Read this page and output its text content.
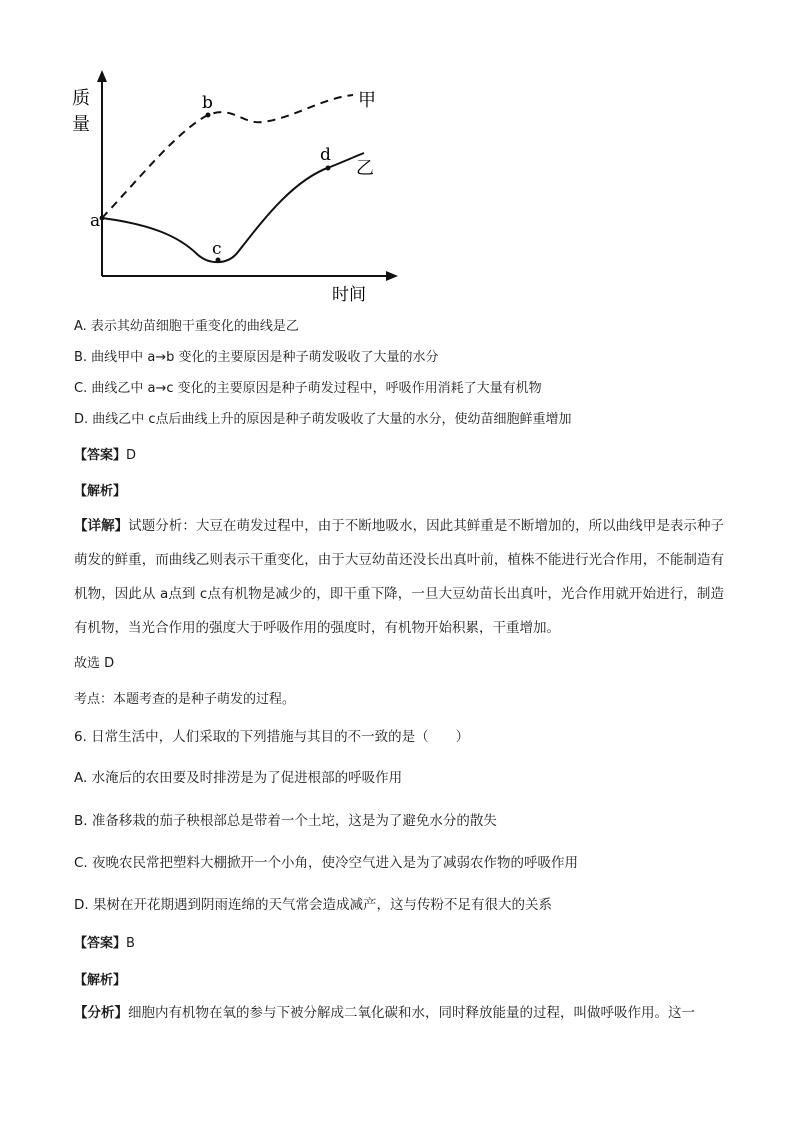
质
量
a
b
c
d
甲
乙
时间
A. 表示其幼苗细胞干重变化的曲线是乙
B. 曲线甲中 a→b 变化的主要原因是种子萌发吸收了大量的水分
C. 曲线乙中 a→c 变化的主要原因是种子萌发过程中，呼吸作用消耗了大量有机物
D. 曲线乙中 c点后曲线上升的原因是种子萌发吸收了大量的水分，使幼苗细胞鲜重增加
【答案】D
【解析】
【详解】试题分析：大豆在萌发过程中，由于不断地吸水，因此其鲜重是不断增加的，所以曲线甲是表示种子萌发的鲜重，而曲线乙则表示干重变化，由于大豆幼苗还没长出真叶前，植株不能进行光合作用，不能制造有机物，因此从 a点到 c点有机物是减少的，即干重下降，一旦大豆幼苗长出真叶，光合作用就开始进行，制造有机物，当光合作用的强度大于呼吸作用的强度时，有机物开始积累，干重增加。
故选 D
考点：本题考查的是种子萌发的过程。
6. 日常生活中，人们采取的下列措施与其目的不一致的是（　　）
A. 水淹后的农田要及时排涝是为了促进根部的呼吸作用
B. 准备移栽的茄子秧根部总是带着一个土坨，这是为了避免水分的散失
C. 夜晚农民常把塑料大棚掀开一个小角，使冷空气进入是为了减弱农作物的呼吸作用
D. 果树在开花期遇到阴雨连绵的天气常会造成减产，这与传粉不足有很大的关系
【答案】B
【解析】
【分析】细胞内有机物在氧的参与下被分解成二氧化碳和水，同时释放能量的过程，叫做呼吸作用。这一
